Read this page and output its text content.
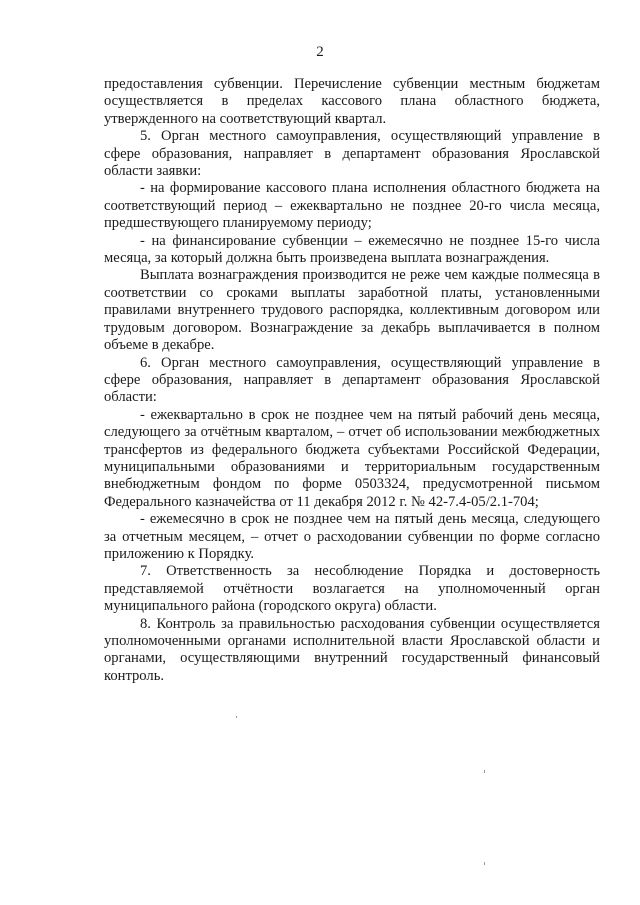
2

предоставления субвенции. Перечисление субвенции местным бюджетам осуществляется в пределах кассового плана областного бюджета, утвержденного на соответствующий квартал.

5. Орган местного самоуправления, осуществляющий управление в сфере образования, направляет в департамент образования Ярославской области заявки:

- на формирование кассового плана исполнения областного бюджета на соответствующий период – ежеквартально не позднее 20-го числа месяца, предшествующего планируемому периоду;

- на финансирование субвенции – ежемесячно не позднее 15-го числа месяца, за который должна быть произведена выплата вознаграждения.

Выплата вознаграждения производится не реже чем каждые полмесяца в соответствии со сроками выплаты заработной платы, установленными правилами внутреннего трудового распорядка, коллективным договором или трудовым договором. Вознаграждение за декабрь выплачивается в полном объеме в декабре.

6. Орган местного самоуправления, осуществляющий управление в сфере образования, направляет в департамент образования Ярославской области:

- ежеквартально в срок не позднее чем на пятый рабочий день месяца, следующего за отчётным кварталом, – отчет об использовании межбюджетных трансфертов из федерального бюджета субъектами Российской Федерации, муниципальными образованиями и территориальным государственным внебюджетным фондом по форме 0503324, предусмотренной письмом Федерального казначейства от 11 декабря 2012 г. № 42-7.4-05/2.1-704;

- ежемесячно в срок не позднее чем на пятый день месяца, следующего за отчетным месяцем, – отчет о расходовании субвенции по форме согласно приложению к Порядку.

7. Ответственность за несоблюдение Порядка и достоверность представляемой отчётности возлагается на уполномоченный орган муниципального района (городского округа) области.

8. Контроль за правильностью расходования субвенции осуществляется уполномоченными органами исполнительной власти Ярославской области и органами, осуществляющими внутренний государственный финансовый контроль.
